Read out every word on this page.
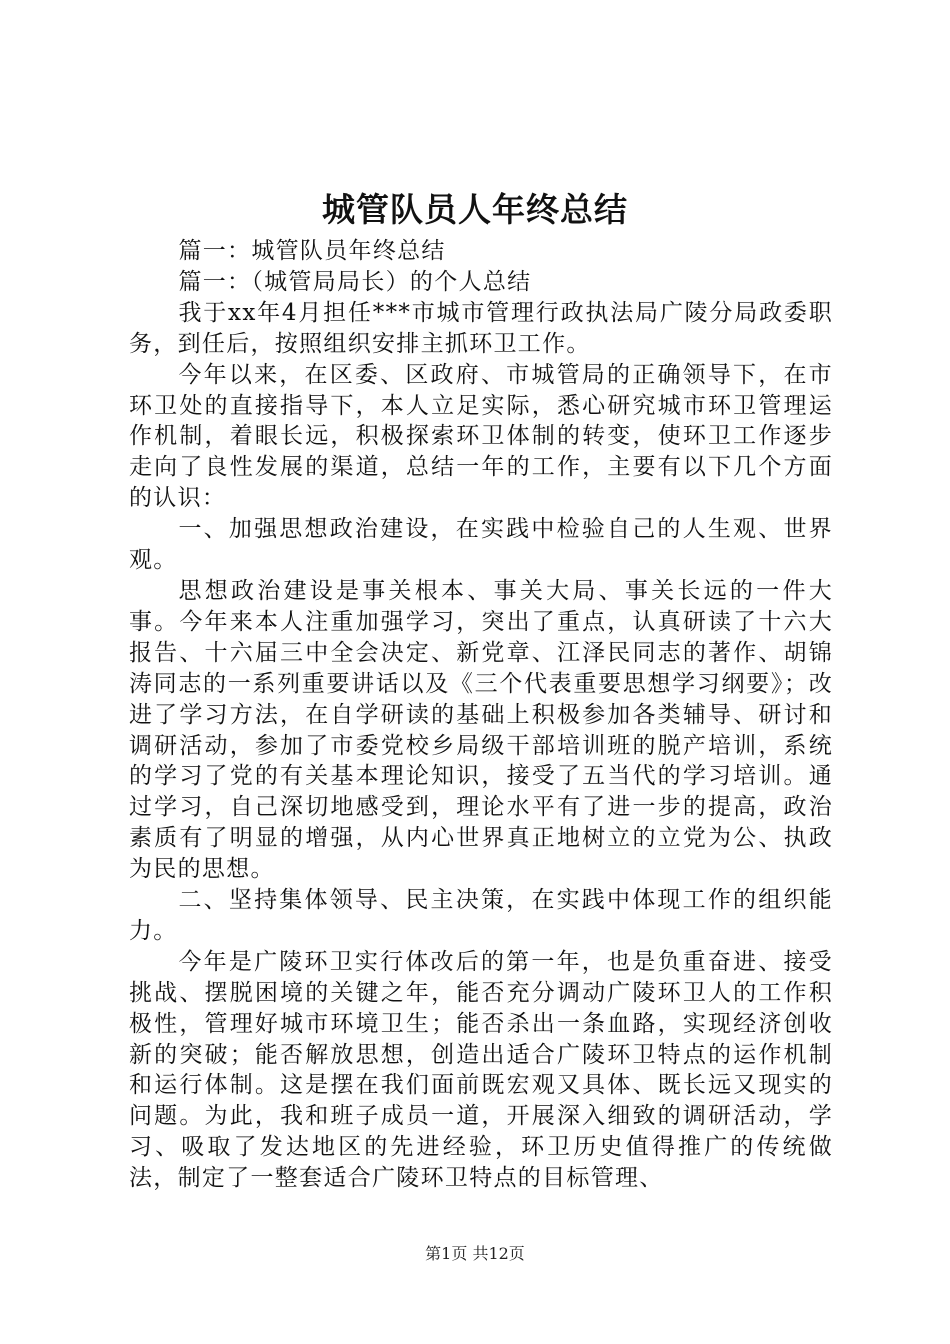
城管队员人年终总结

篇一：城管队员年终总结

篇一：（城管局局长）的个人总结

我于xx年4月担任***市城市管理行政执法局广陵分局政委职务，到任后，按照组织安排主抓环卫工作。

今年以来，在区委、区政府、市城管局的正确领导下，在市环卫处的直接指导下，本人立足实际，悉心研究城市环卫管理运作机制，着眼长远，积极探索环卫体制的转变，使环卫工作逐步走向了良性发展的渠道，总结一年的工作，主要有以下几个方面的认识：

一、加强思想政治建设，在实践中检验自己的人生观、世界观。

思想政治建设是事关根本、事关大局、事关长远的一件大事。今年来本人注重加强学习，突出了重点，认真研读了十六大报告、十六届三中全会决定、新党章、江泽民同志的著作、胡锦涛同志的一系列重要讲话以及《三个代表重要思想学习纲要》；改进了学习方法，在自学研读的基础上积极参加各类辅导、研讨和调研活动，参加了市委党校乡局级干部培训班的脱产培训，系统的学习了党的有关基本理论知识，接受了五当代的学习培训。通过学习，自己深切地感受到，理论水平有了进一步的提高，政治素质有了明显的增强，从内心世界真正地树立的立党为公、执政为民的思想。

二、坚持集体领导、民主决策，在实践中体现工作的组织能力。

今年是广陵环卫实行体改后的第一年，也是负重奋进、接受挑战、摆脱困境的关键之年，能否充分调动广陵环卫人的工作积极性，管理好城市环境卫生；能否杀出一条血路，实现经济创收新的突破；能否解放思想，创造出适合广陵环卫特点的运作机制和运行体制。这是摆在我们面前既宏观又具体、既长远又现实的问题。为此，我和班子成员一道，开展深入细致的调研活动，学习、吸取了发达地区的先进经验，环卫历史值得推广的传统做法，制定了一整套适合广陵环卫特点的目标管理、

第1页 共12页
